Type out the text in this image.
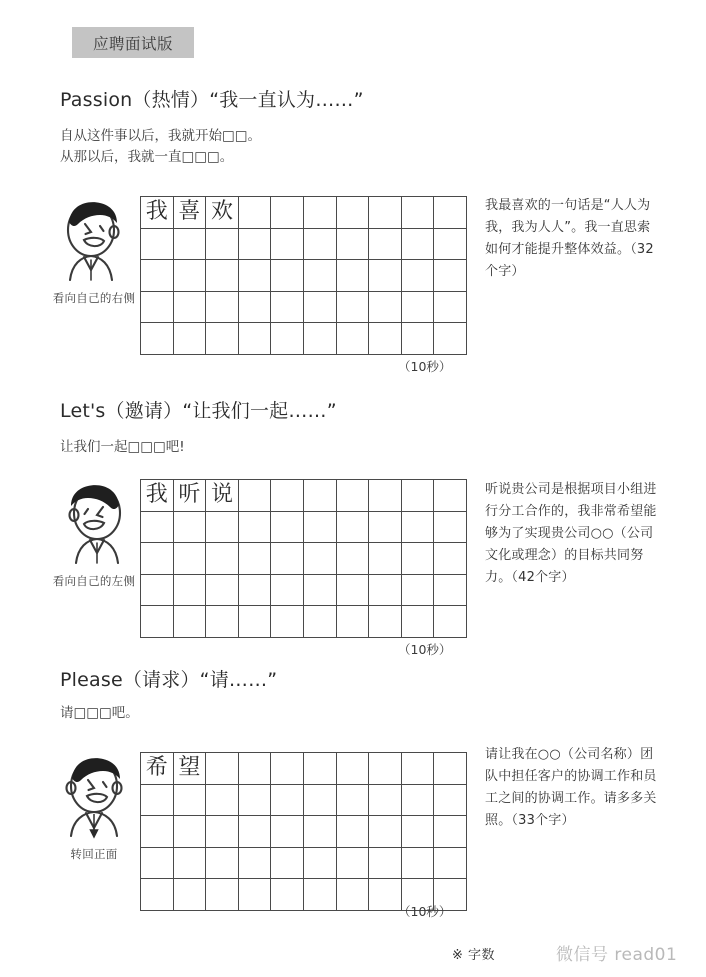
应聘面试版
Passion（热情）“我一直认为……”
自从这件事以后，我就开始□□。
从那以后，我就一直□□□。
看向自己的右侧
我 喜 欢	我最喜欢的一句话是“人人为我，我为人人”。我一直思索如何才能提升整体效益。（32个字）
（10秒）
Let's（邀请）“让我们一起……”
让我们一起□□□吧!
看向自己的左侧
我 听 说	听说贵公司是根据项目小组进行分工合作的，我非常希望能够为了实现贵公司○○（公司文化或理念）的目标共同努力。（42个字）
（10秒）
Please（请求）“请……”
请□□□吧。
转回正面
希 望
请让我在○○（公司名称）团队中担任客户的协调工作和员工之间的协调工作。请多多关照。（33个字）
（10秒）
※ 字数	微信号 read01
